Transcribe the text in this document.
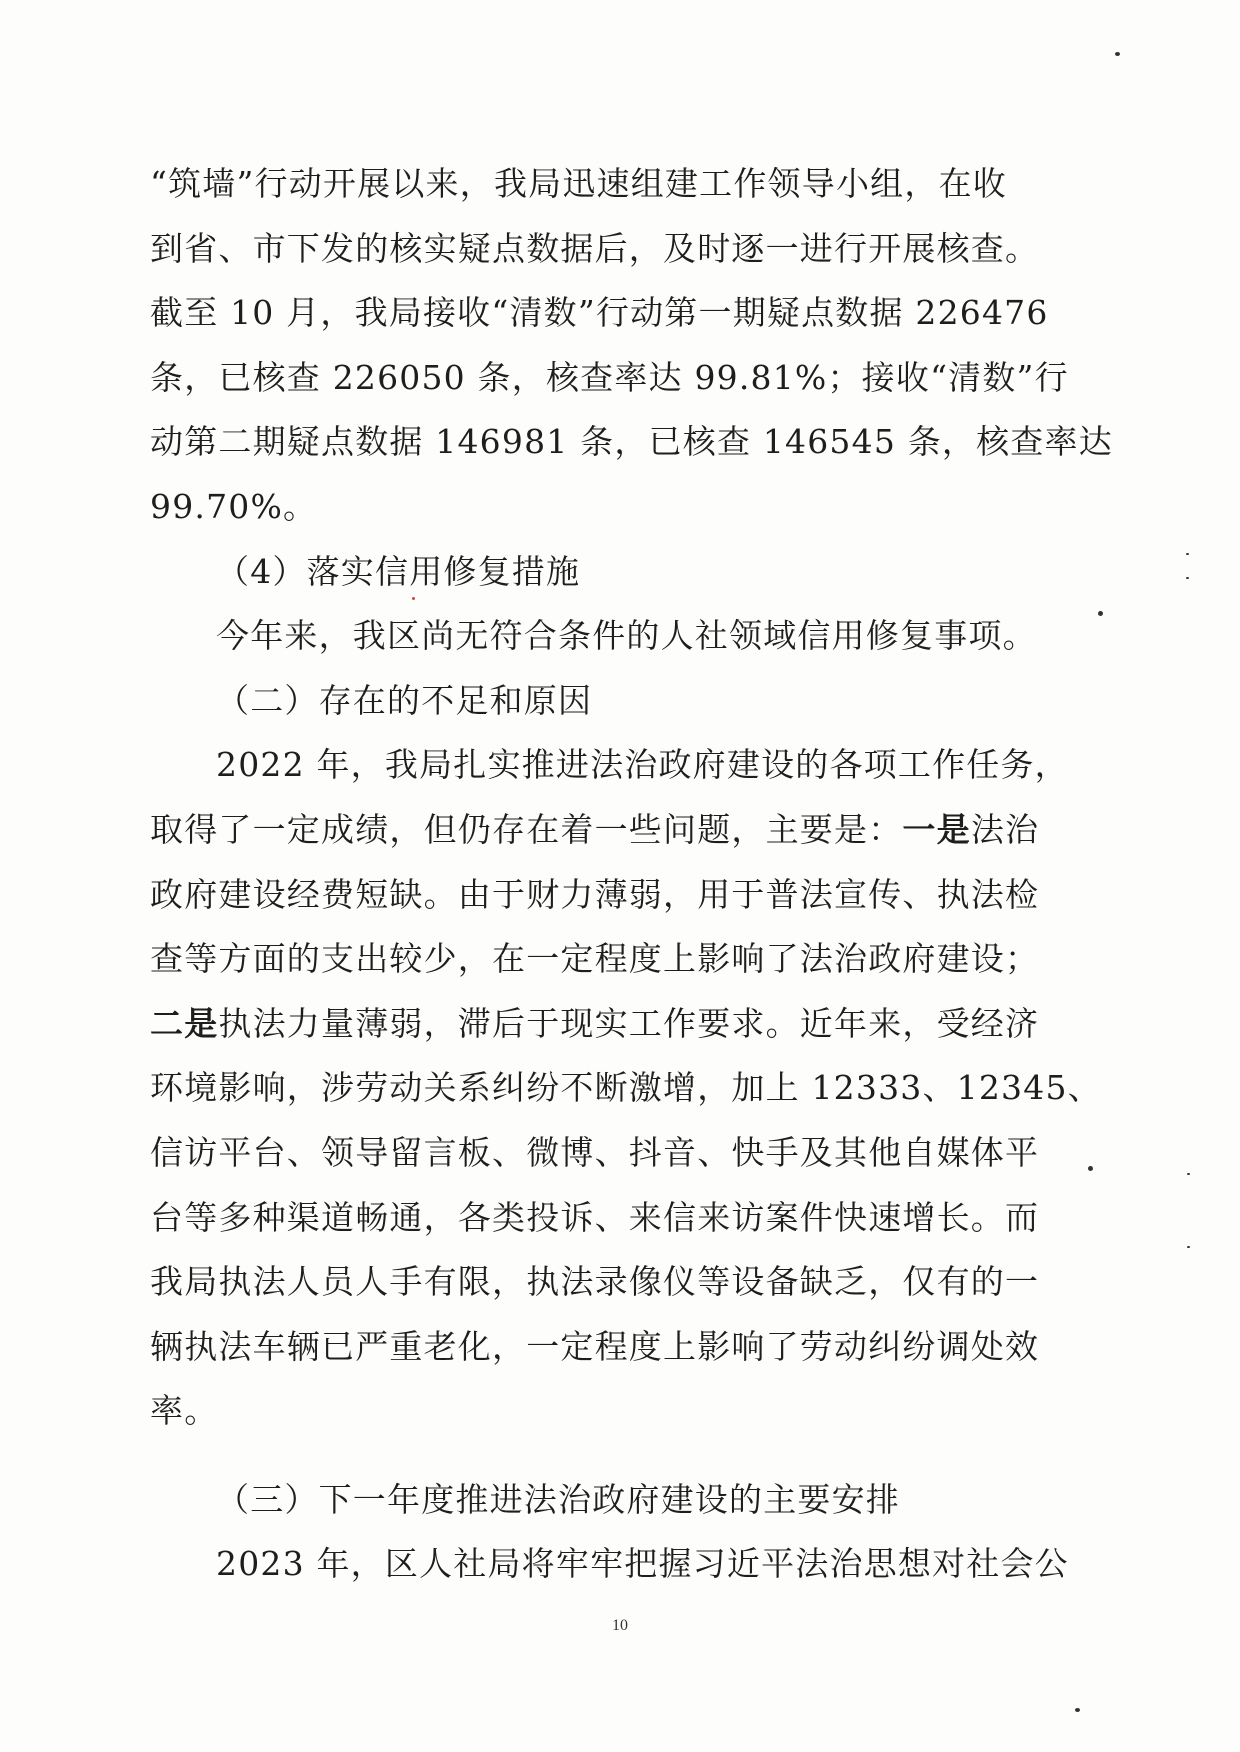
“筑墙”行动开展以来，我局迅速组建工作领导小组，在收
到省、市下发的核实疑点数据后，及时逐一进行开展核查。
截至 10 月，我局接收“清数”行动第一期疑点数据 226476
条，已核查 226050 条，核查率达 99.81%；接收“清数”行
动第二期疑点数据 146981 条，已核查 146545 条，核查率达
99.70%。
（4）落实信用修复措施
今年来，我区尚无符合条件的人社领域信用修复事项。
（二）存在的不足和原因
2022 年，我局扎实推进法治政府建设的各项工作任务，
取得了一定成绩，但仍存在着一些问题，主要是：一是法治
政府建设经费短缺。由于财力薄弱，用于普法宣传、执法检
查等方面的支出较少，在一定程度上影响了法治政府建设；
二是执法力量薄弱，滞后于现实工作要求。近年来，受经济
环境影响，涉劳动关系纠纷不断激增，加上 12333、12345、
信访平台、领导留言板、微博、抖音、快手及其他自媒体平
台等多种渠道畅通，各类投诉、来信来访案件快速增长。而
我局执法人员人手有限，执法录像仪等设备缺乏，仅有的一
辆执法车辆已严重老化，一定程度上影响了劳动纠纷调处效
率。
（三）下一年度推进法治政府建设的主要安排
2023 年，区人社局将牢牢把握习近平法治思想对社会公
10
